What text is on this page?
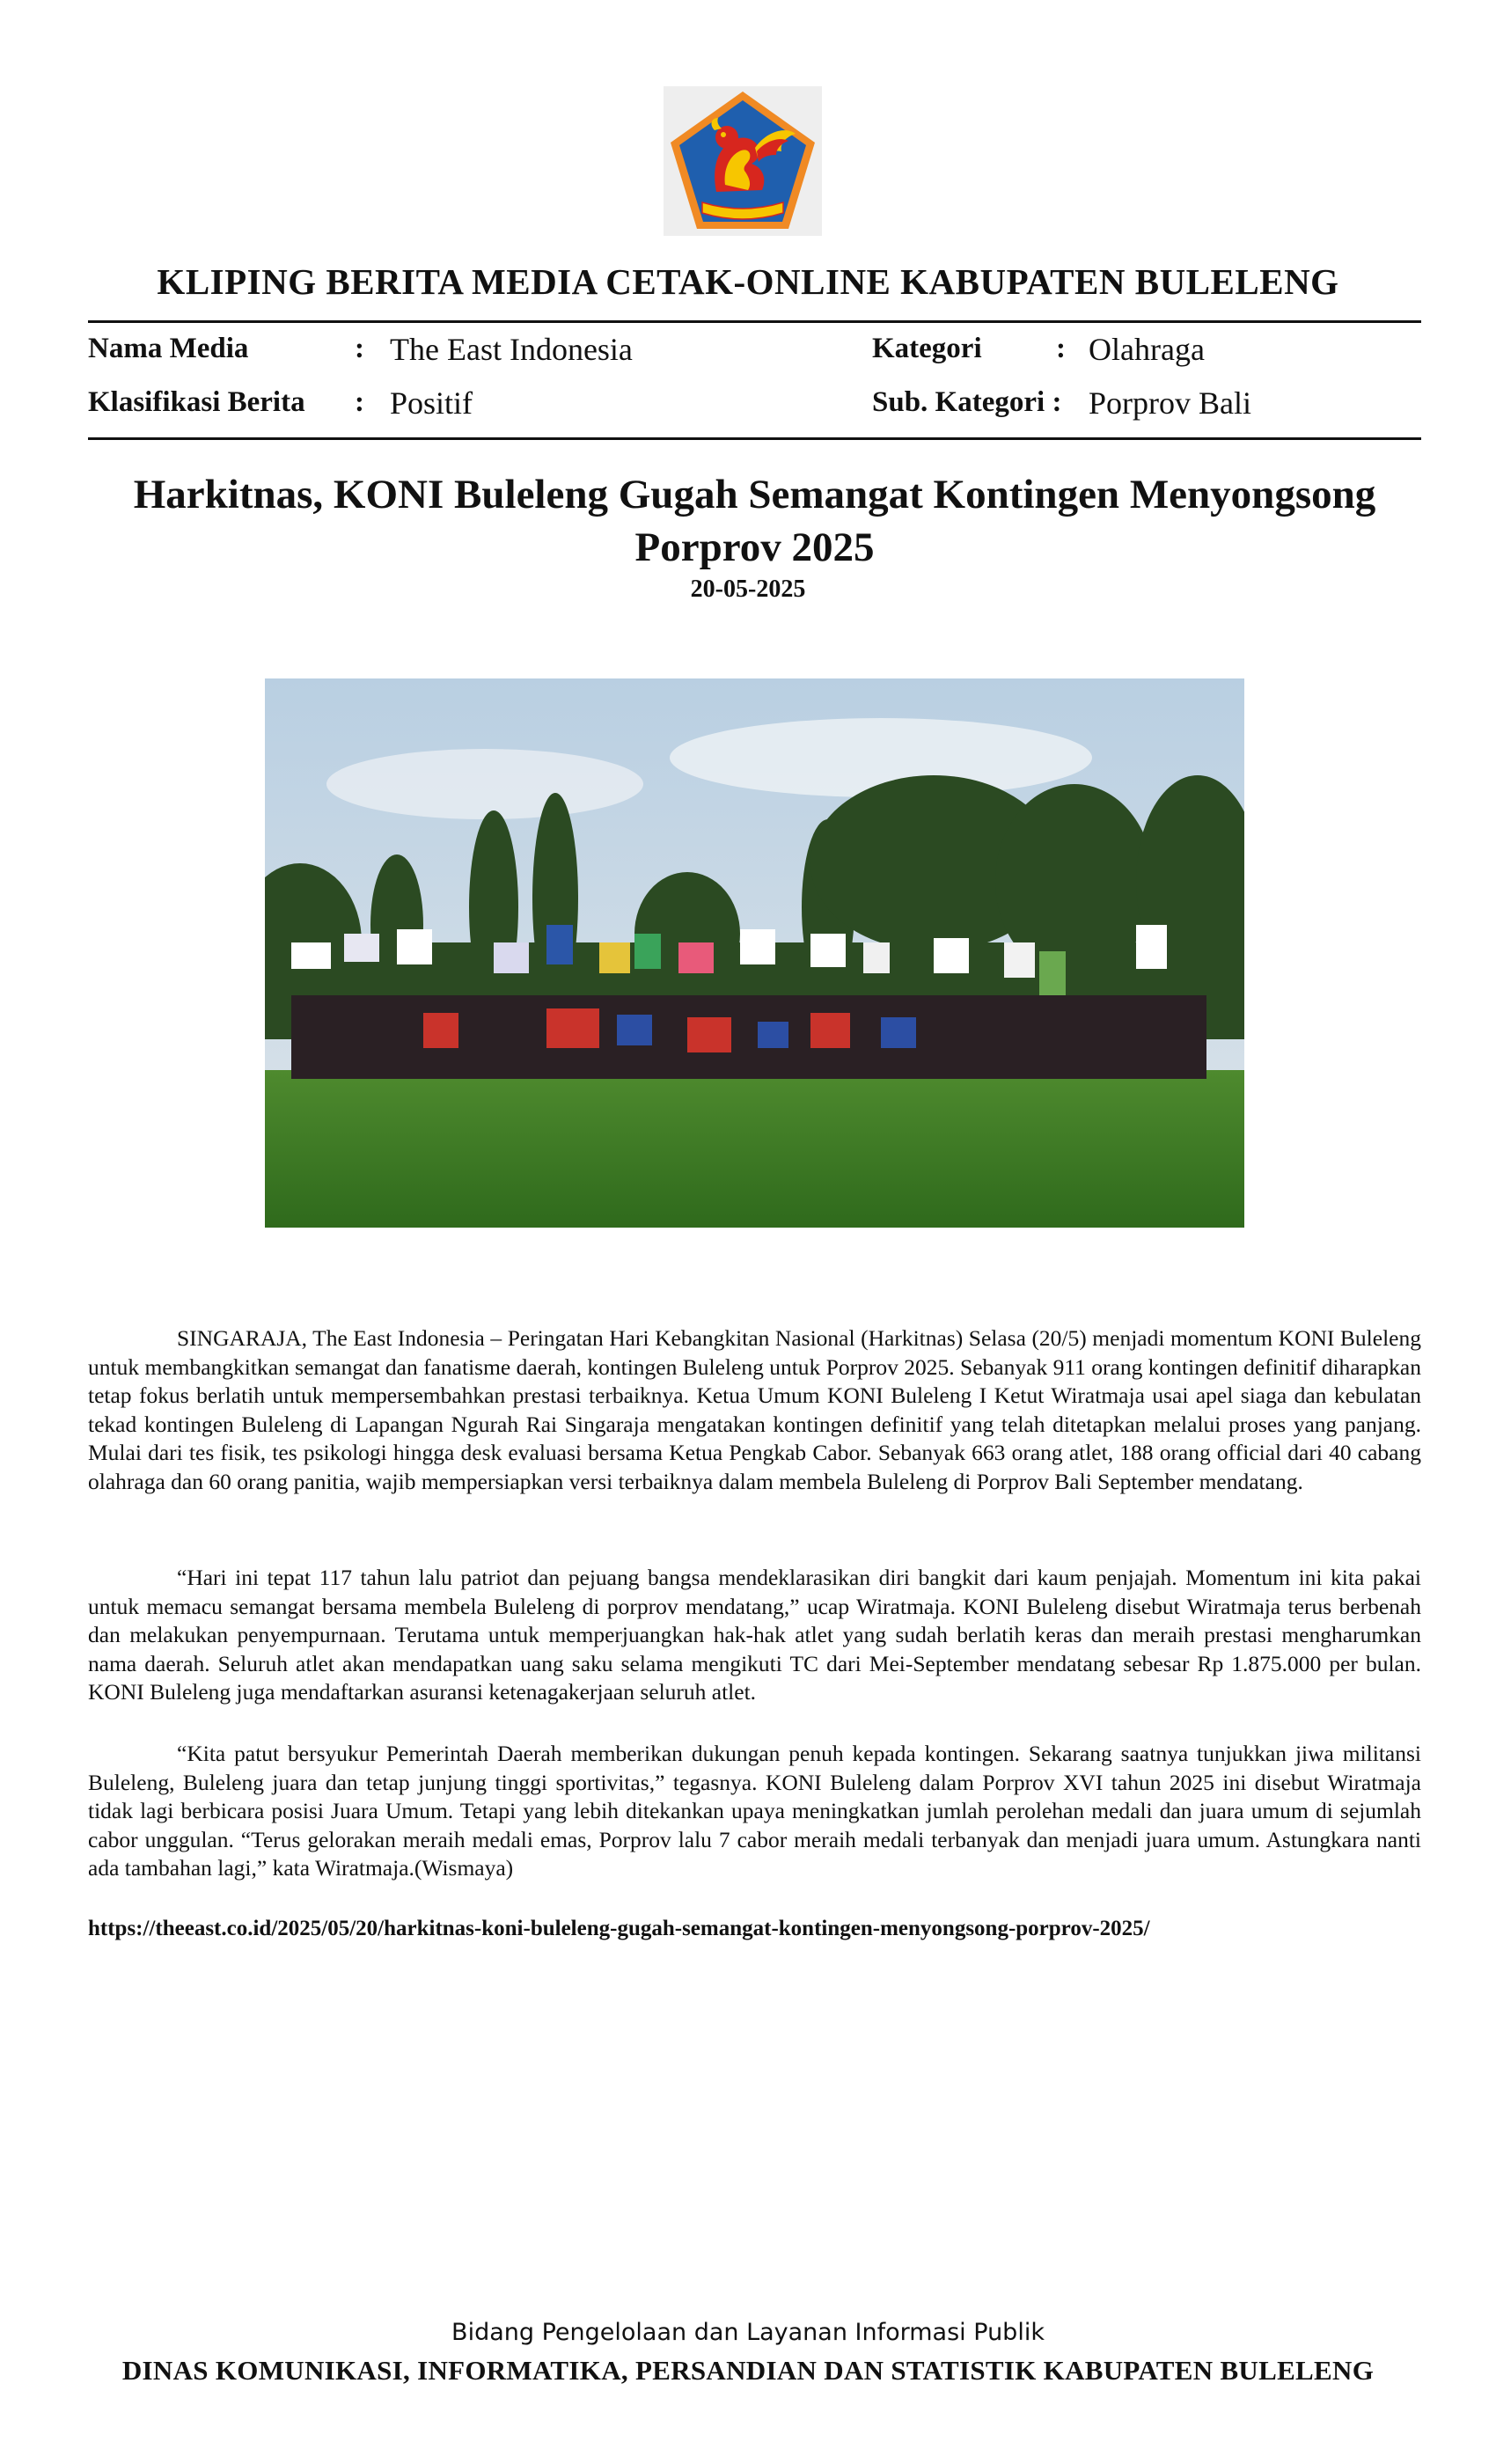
KLIPING BERITA MEDIA CETAK-ONLINE KABUPATEN BULELENG
Nama Media	: The East Indonesia	Kategori	: Olahraga
Klasifikasi Berita : Positif	Sub. Kategori : Porprov Bali
Harkitnas, KONI Buleleng Gugah Semangat Kontingen Menyongsong Porprov 2025
20-05-2025

SINGARAJA, The East Indonesia – Peringatan Hari Kebangkitan Nasional (Harkitnas) Selasa (20/5) menjadi momentum KONI Buleleng untuk membangkitkan semangat dan fanatisme daerah, kontingen Buleleng untuk Porprov 2025. Sebanyak 911 orang kontingen definitif diharapkan tetap fokus berlatih untuk mempersembahkan prestasi terbaiknya. Ketua Umum KONI Buleleng I Ketut Wiratmaja usai apel siaga dan kebulatan tekad kontingen Buleleng di Lapangan Ngurah Rai Singaraja mengatakan kontingen definitif yang telah ditetapkan melalui proses yang panjang. Mulai dari tes fisik, tes psikologi hingga desk evaluasi bersama Ketua Pengkab Cabor. Sebanyak 663 orang atlet, 188 orang official dari 40 cabang olahraga dan 60 orang panitia, wajib mempersiapkan versi terbaiknya dalam membela Buleleng di Porprov Bali September mendatang.

“Hari ini tepat 117 tahun lalu patriot dan pejuang bangsa mendeklarasikan diri bangkit dari kaum penjajah. Momentum ini kita pakai untuk memacu semangat bersama membela Buleleng di porprov mendatang,” ucap Wiratmaja. KONI Buleleng disebut Wiratmaja terus berbenah dan melakukan penyempurnaan. Terutama untuk memperjuangkan hak-hak atlet yang sudah berlatih keras dan meraih prestasi mengharumkan nama daerah. Seluruh atlet akan mendapatkan uang saku selama mengikuti TC dari Mei-September mendatang sebesar Rp 1.875.000 per bulan. KONI Buleleng juga mendaftarkan asuransi ketenagakerjaan seluruh atlet.

“Kita patut bersyukur Pemerintah Daerah memberikan dukungan penuh kepada kontingen. Sekarang saatnya tunjukkan jiwa militansi Buleleng, Buleleng juara dan tetap junjung tinggi sportivitas,” tegasnya. KONI Buleleng dalam Porprov XVI tahun 2025 ini disebut Wiratmaja tidak lagi berbicara posisi Juara Umum. Tetapi yang lebih ditekankan upaya meningkatkan jumlah perolehan medali dan juara umum di sejumlah cabor unggulan. “Terus gelorakan meraih medali emas, Porprov lalu 7 cabor meraih medali terbanyak dan menjadi juara umum. Astungkara nanti ada tambahan lagi,” kata Wiratmaja.(Wismaya)

https://theeast.co.id/2025/05/20/harkitnas-koni-buleleng-gugah-semangat-kontingen-menyongsong-porprov-2025/
Bidang Pengelolaan dan Layanan Informasi Publik
DINAS KOMUNIKASI, INFORMATIKA, PERSANDIAN DAN STATISTIK KABUPATEN BULELENG
